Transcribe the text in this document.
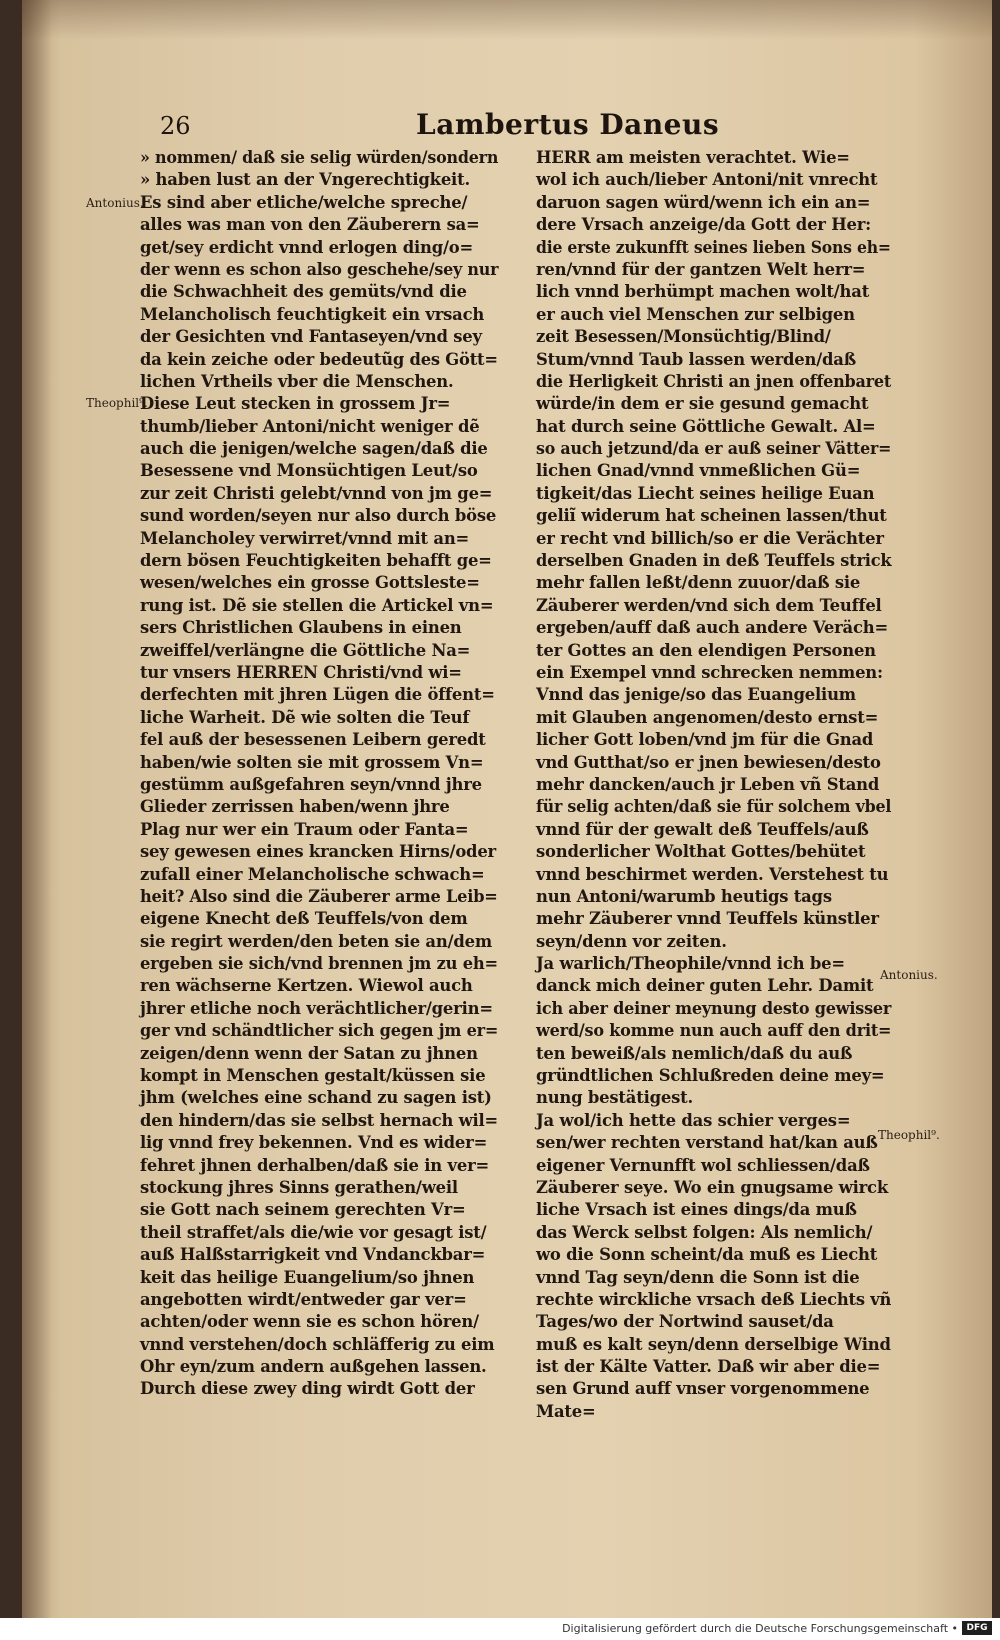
26	Lambertus Daneus
Antonius.
Theophil⁹.
Antonius.
Theophil⁹.
» nommen/ daß sie selig würden/sondern
» haben lust an der Vngerechtigkeit.
Es sind aber etliche/welche spreche/
alles was man von den Zäuberern sa=
get/sey erdicht vnnd erlogen ding/o=
der wenn es schon also geschehe/sey nur
die Schwachheit des gemüts/vnd die
Melancholisch feuchtigkeit ein vrsach
der Gesichten vnd Fantaseyen/vnd sey
da kein zeiche oder bedeutũg des Gött=
lichen Vrtheils vber die Menschen.
Diese Leut stecken in grossem Jr=
thumb/lieber Antoni/nicht weniger dẽ
auch die jenigen/welche sagen/daß die
Besessene vnd Monsüchtigen Leut/so
zur zeit Christi gelebt/vnnd von jm ge=
sund worden/seyen nur also durch böse
Melancholey verwirret/vnnd mit an=
dern bösen Feuchtigkeiten behafft ge=
wesen/welches ein grosse Gottsleste=
rung ist. Dẽ sie stellen die Artickel vn=
sers Christlichen Glaubens in einen
zweiffel/verlängne die Göttliche Na=
tur vnsers HERREN Christi/vnd wi=
derfechten mit jhren Lügen die öffent=
liche Warheit. Dẽ wie solten die Teuf
fel auß der besessenen Leibern geredt
haben/wie solten sie mit grossem Vn=
gestümm außgefahren seyn/vnnd jhre
Glieder zerrissen haben/wenn jhre
Plag nur wer ein Traum oder Fanta=
sey gewesen eines krancken Hirns/oder
zufall einer Melancholische schwach=
heit? Also sind die Zäuberer arme Leib=
eigene Knecht deß Teuffels/von dem
sie regirt werden/den beten sie an/dem
ergeben sie sich/vnd brennen jm zu eh=
ren wächserne Kertzen. Wiewol auch
jhrer etliche noch verächtlicher/gerin=
ger vnd schändtlicher sich gegen jm er=
zeigen/denn wenn der Satan zu jhnen
kompt in Menschen gestalt/küssen sie
jhm (welches eine schand zu sagen ist)
den hindern/das sie selbst hernach wil=
lig vnnd frey bekennen. Vnd es wider=
fehret jhnen derhalben/daß sie in ver=
stockung jhres Sinns gerathen/weil
sie Gott nach seinem gerechten Vr=
theil straffet/als die/wie vor gesagt ist/
auß Halßstarrigkeit vnd Vndanckbar=
keit das heilige Euangelium/so jhnen
angebotten wirdt/entweder gar ver=
achten/oder wenn sie es schon hören/
vnnd verstehen/doch schläfferig zu eim
Ohr eyn/zum andern außgehen lassen.
Durch diese zwey ding wirdt Gott der
HERR am meisten verachtet. Wie=
wol ich auch/lieber Antoni/nit vnrecht
daruon sagen würd/wenn ich ein an=
dere Vrsach anzeige/da Gott der Her:
die erste zukunfft seines lieben Sons eh=
ren/vnnd für der gantzen Welt herr=
lich vnnd berhümpt machen wolt/hat
er auch viel Menschen zur selbigen
zeit Besessen/Monsüchtig/Blind/
Stum/vnnd Taub lassen werden/daß
die Herligkeit Christi an jnen offenbaret
würde/in dem er sie gesund gemacht
hat durch seine Göttliche Gewalt. Al=
so auch jetzund/da er auß seiner Vätter=
lichen Gnad/vnnd vnmeßlichen Gü=
tigkeit/das Liecht seines heilige Euan
geliĩ widerum hat scheinen lassen/thut
er recht vnd billich/so er die Verächter
derselben Gnaden in deß Teuffels strick
mehr fallen leßt/denn zuuor/daß sie
Zäuberer werden/vnd sich dem Teuffel
ergeben/auff daß auch andere Veräch=
ter Gottes an den elendigen Personen
ein Exempel vnnd schrecken nemmen:
Vnnd das jenige/so das Euangelium
mit Glauben angenomen/desto ernst=
licher Gott loben/vnd jm für die Gnad
vnd Gutthat/so er jnen bewiesen/desto
mehr dancken/auch jr Leben vñ Stand
für selig achten/daß sie für solchem vbel
vnnd für der gewalt deß Teuffels/auß
sonderlicher Wolthat Gottes/behütet
vnnd beschirmet werden. Verstehest tu
nun Antoni/warumb heutigs tags
mehr Zäuberer vnnd Teuffels künstler
seyn/denn vor zeiten.
Ja warlich/Theophile/vnnd ich be=
danck mich deiner guten Lehr. Damit
ich aber deiner meynung desto gewisser
werd/so komme nun auch auff den drit=
ten beweiß/als nemlich/daß du auß
gründtlichen Schlußreden deine mey=
nung bestätigest.
Ja wol/ich hette das schier verges=
sen/wer rechten verstand hat/kan auß
eigener Vernunfft wol schliessen/daß
Zäuberer seye. Wo ein gnugsame wirck
liche Vrsach ist eines dings/da muß
das Werck selbst folgen: Als nemlich/
wo die Sonn scheint/da muß es Liecht
vnnd Tag seyn/denn die Sonn ist die
rechte wirckliche vrsach deß Liechts vñ
Tages/wo der Nortwind sauset/da
muß es kalt seyn/denn derselbige Wind
ist der Kälte Vatter. Daß wir aber die=
sen Grund auff vnser vorgenommene
Mate=
Digitalisierung gefördert durch die Deutsche Forschungsgemeinschaft • DFG
